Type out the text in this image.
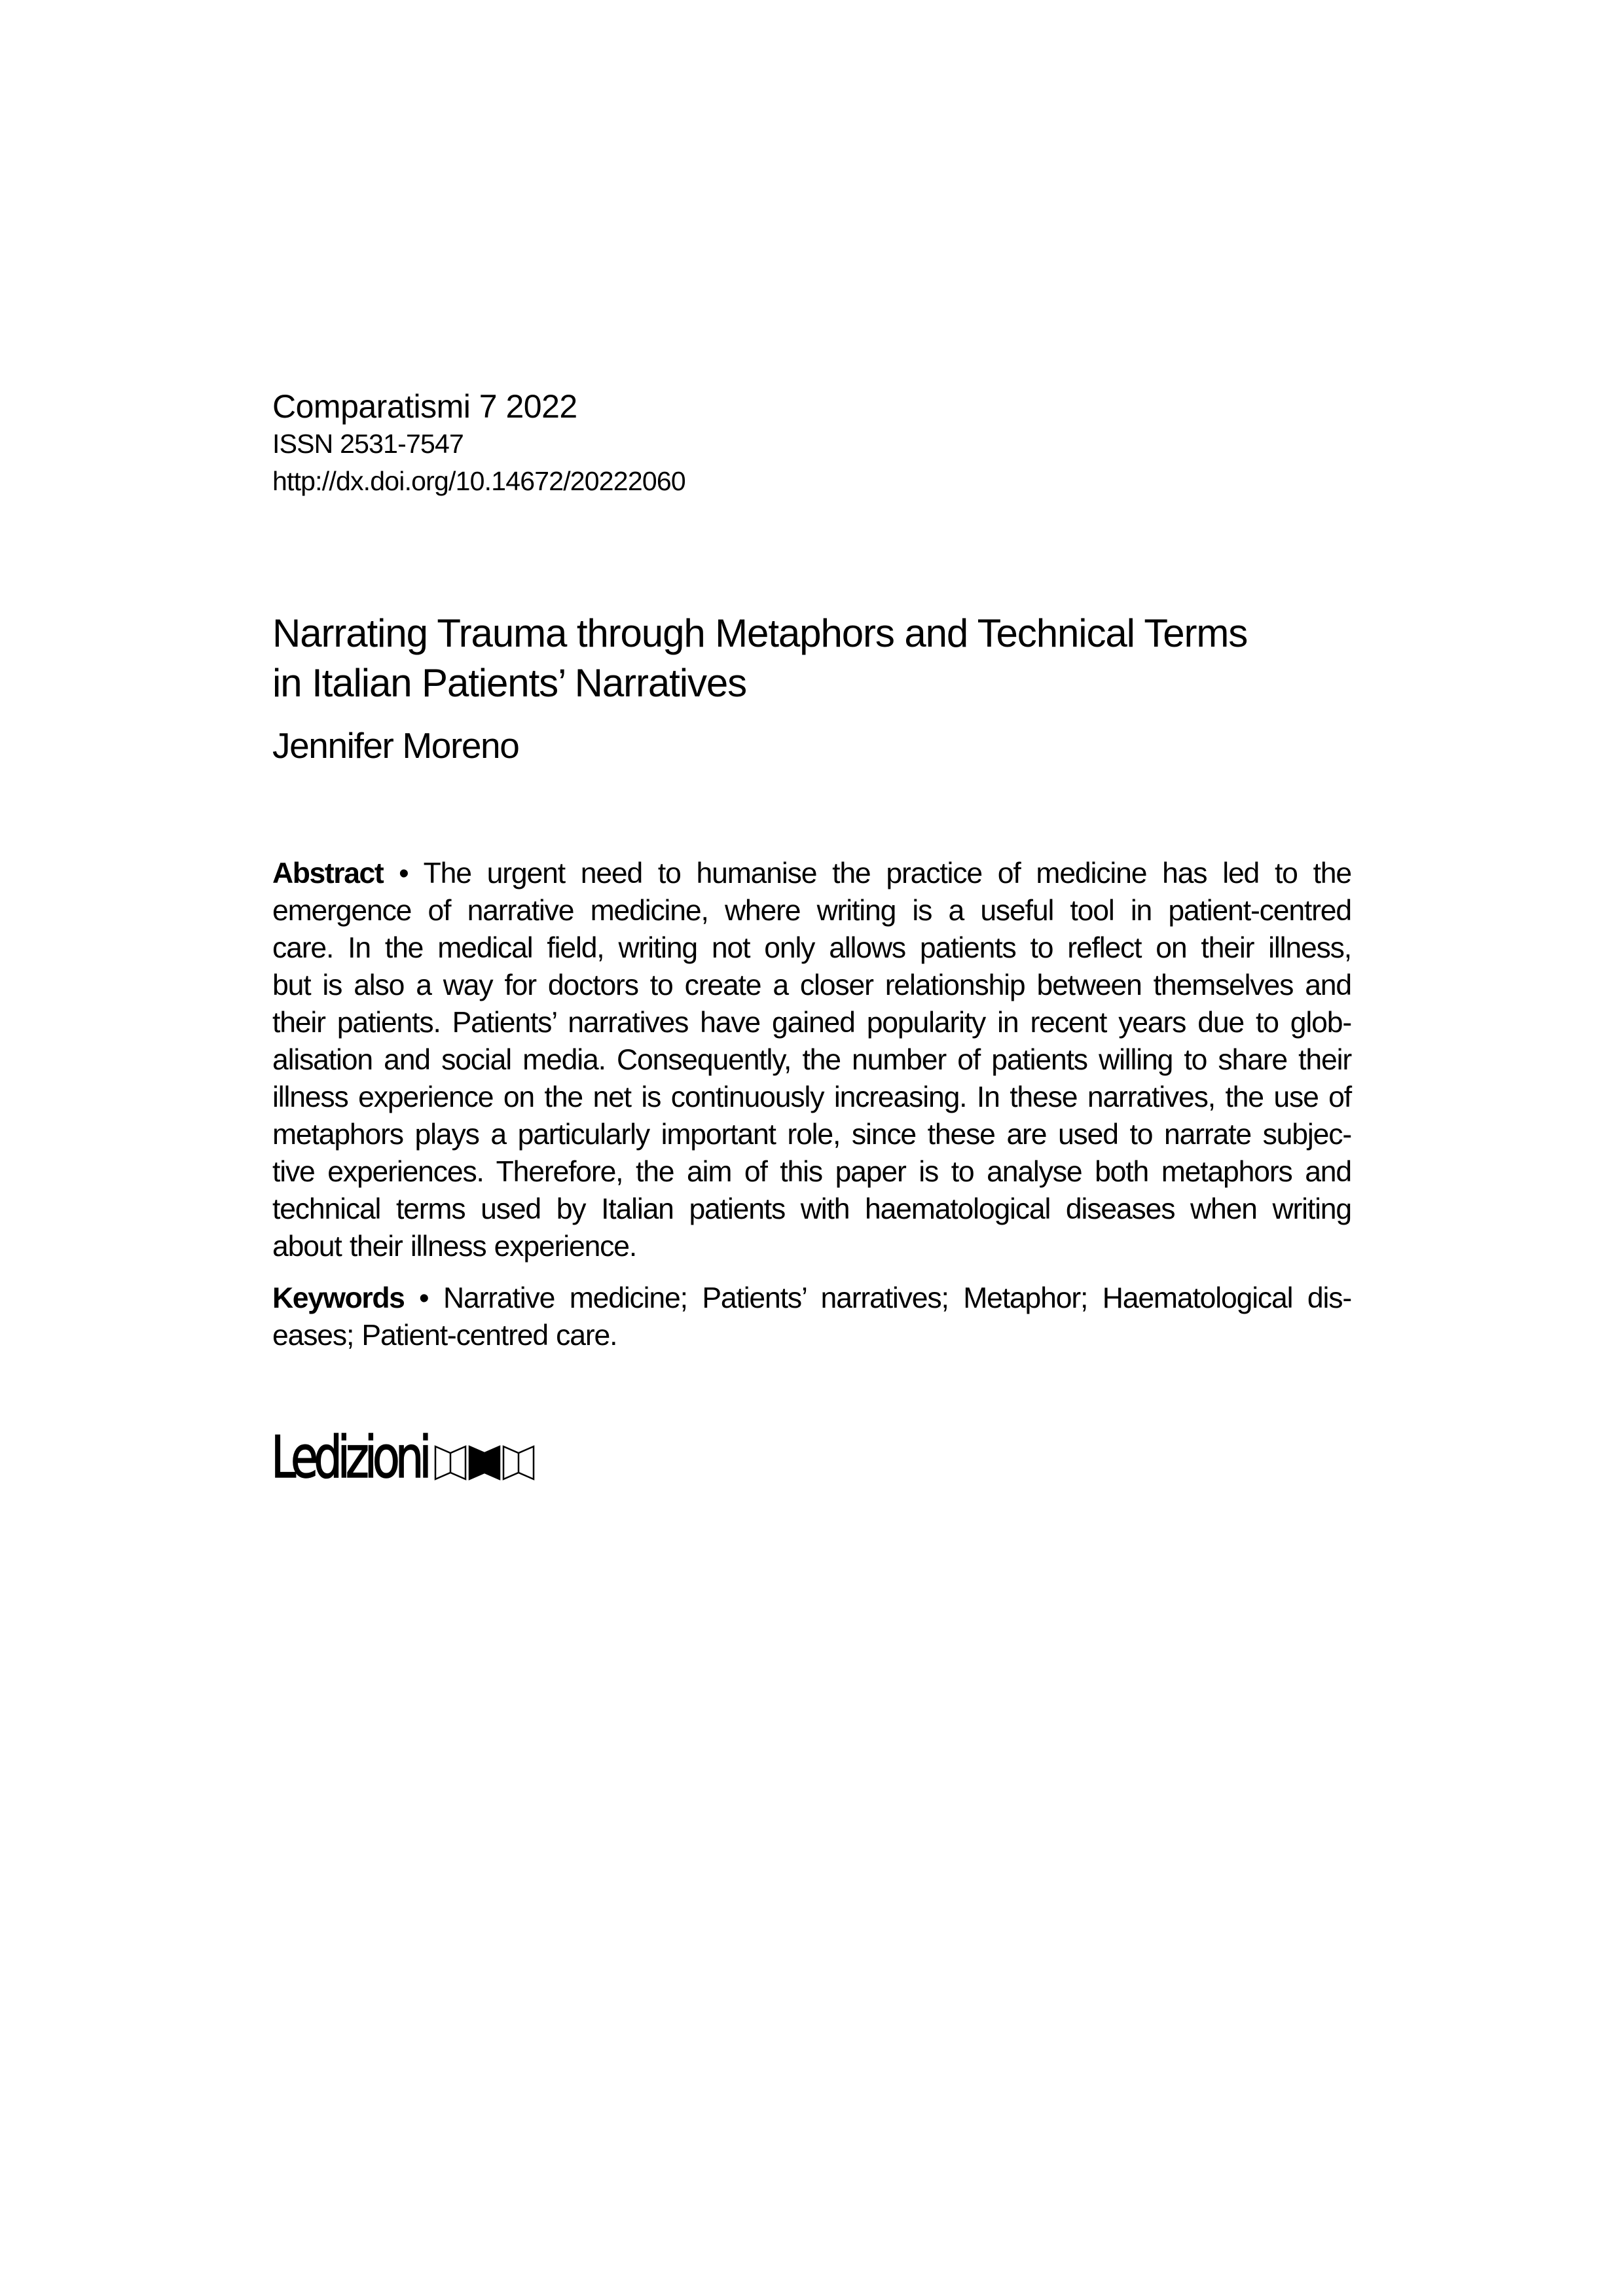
Comparatismi 7 2022
ISSN 2531-7547
http://dx.doi.org/10.14672/20222060
Narrating Trauma through Metaphors and Technical Terms
in Italian Patients’ Narratives
Jennifer Moreno

Abstract • The urgent need to humanise the practice of medicine has led to the
emergence of narrative medicine, where writing is a useful tool in patient-centred
care. In the medical field, writing not only allows patients to reflect on their illness,
but is also a way for doctors to create a closer relationship between themselves and
their patients. Patients’ narratives have gained popularity in recent years due to glob-
alisation and social media. Consequently, the number of patients willing to share their
illness experience on the net is continuously increasing. In these narratives, the use of
metaphors plays a particularly important role, since these are used to narrate subjec-
tive experiences. Therefore, the aim of this paper is to analyse both metaphors and
technical terms used by Italian patients with haematological diseases when writing
about their illness experience.

Keywords • Narrative medicine; Patients’ narratives; Metaphor; Haematological dis-
eases; Patient-centred care.

Ledizioni
